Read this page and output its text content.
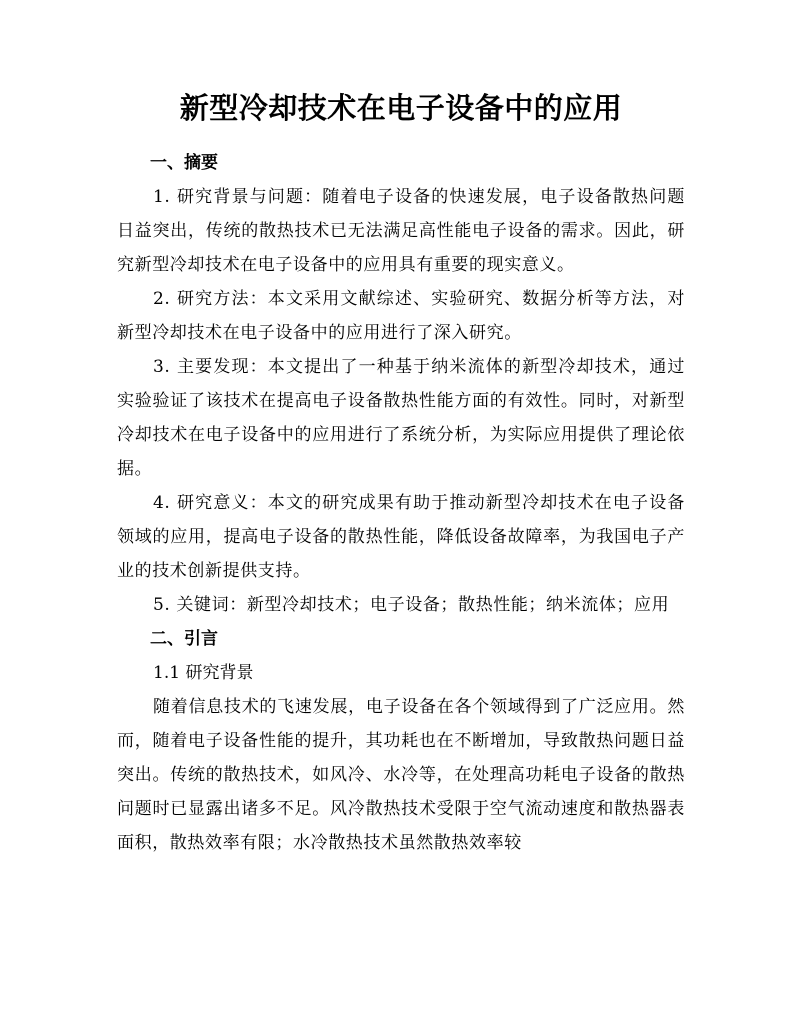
新型冷却技术在电子设备中的应用
一、摘要

1. 研究背景与问题：随着电子设备的快速发展，电子设备散热问题日益突出，传统的散热技术已无法满足高性能电子设备的需求。因此，研究新型冷却技术在电子设备中的应用具有重要的现实意义。

2. 研究方法：本文采用文献综述、实验研究、数据分析等方法，对新型冷却技术在电子设备中的应用进行了深入研究。

3. 主要发现：本文提出了一种基于纳米流体的新型冷却技术，通过实验验证了该技术在提高电子设备散热性能方面的有效性。同时，对新型冷却技术在电子设备中的应用进行了系统分析，为实际应用提供了理论依据。

4. 研究意义：本文的研究成果有助于推动新型冷却技术在电子设备领域的应用，提高电子设备的散热性能，降低设备故障率，为我国电子产业的技术创新提供支持。

5. 关键词：新型冷却技术；电子设备；散热性能；纳米流体；应用

二、引言
1.1 研究背景

随着信息技术的飞速发展，电子设备在各个领域得到了广泛应用。然而，随着电子设备性能的提升，其功耗也在不断增加，导致散热问题日益突出。传统的散热技术，如风冷、水冷等，在处理高功耗电子设备的散热问题时已显露出诸多不足。风冷散热技术受限于空气流动速度和散热器表面积，散热效率有限；水冷散热技术虽然散热效率较
